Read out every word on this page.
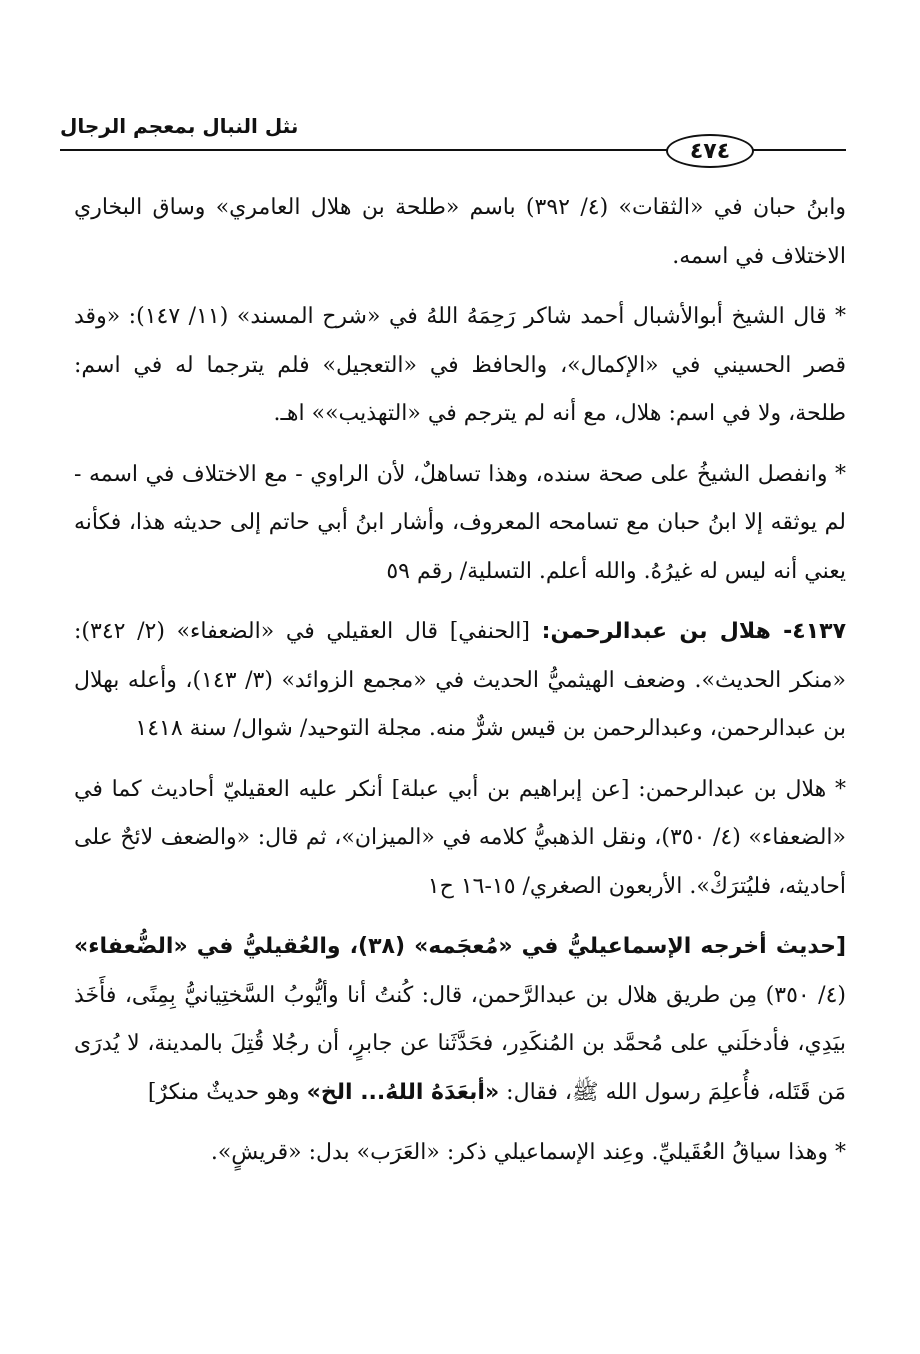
نثل النبال بمعجم الرجال
٤٧٤

وابنُ حبان في «الثقات» (٤/ ٣٩٢) باسم «طلحة بن هلال العامري» وساق البخاري الاختلاف في اسمه.

* قال الشيخ أبوالأشبال أحمد شاكر رَحِمَهُ اللهُ في «شرح المسند» (١١/ ١٤٧): «وقد قصر الحسيني في «الإكمال»، والحافظ في «التعجيل» فلم يترجما له في اسم: طلحة، ولا في اسم: هلال، مع أنه لم يترجم في «التهذيب»» اهـ.

* وانفصل الشيخُ على صحة سنده، وهذا تساهلٌ، لأن الراوي - مع الاختلاف في اسمه - لم يوثقه إلا ابنُ حبان مع تسامحه المعروف، وأشار ابنُ أبي حاتم إلى حديثه هذا، فكأنه يعني أنه ليس له غيرُهُ. والله أعلم. التسلية/ رقم ٥٩

٤١٣٧- هلال بن عبدالرحمن: [الحنفي] قال العقيلي في «الضعفاء» (٢/ ٣٤٢): «منكر الحديث». وضعف الهيثميُّ الحديث في «مجمع الزوائد» (٣/ ١٤٣)، وأعله بهلال بن عبدالرحمن، وعبدالرحمن بن قيس شرٌّ منه. مجلة التوحيد/ شوال/ سنة ١٤١٨

* هلال بن عبدالرحمن: [عن إبراهيم بن أبي عبلة] أنكر عليه العقيليّ أحاديث كما في «الضعفاء» (٤/ ٣٥٠)، ونقل الذهبيُّ كلامه في «الميزان»، ثم قال: «والضعف لائحٌ على أحاديثه، فليُترَكْ». الأربعون الصغري/ ١٥-١٦ ح١

[حديث أخرجه الإسماعيليُّ في «مُعجَمه» (٣٨)، والعُقيليُّ في «الضُّعفاء» (٤/ ٣٥٠) مِن طريق هلال بن عبدالرَّحمن، قال: كُنتُ أنا وأيُّوبُ السَّختِيانيُّ بِمِنًى، فأَخَذ بيَدِي، فأدخلَني على مُحمَّد بن المُنكَدِر، فحَدَّثَنا عن جابرٍ، أن رجُلا قُتِلَ بالمدينة، لا يُدرَى مَن قَتَله، فأُعلِمَ رسول الله ﷺ، فقال: «أبعَدَهُ اللهُ... الخ» وهو حديثٌ منكرٌ]

* وهذا سياقُ العُقَيليِّ. وعِند الإسماعيلي ذكر: «العَرَب» بدل: «قريشٍ».
